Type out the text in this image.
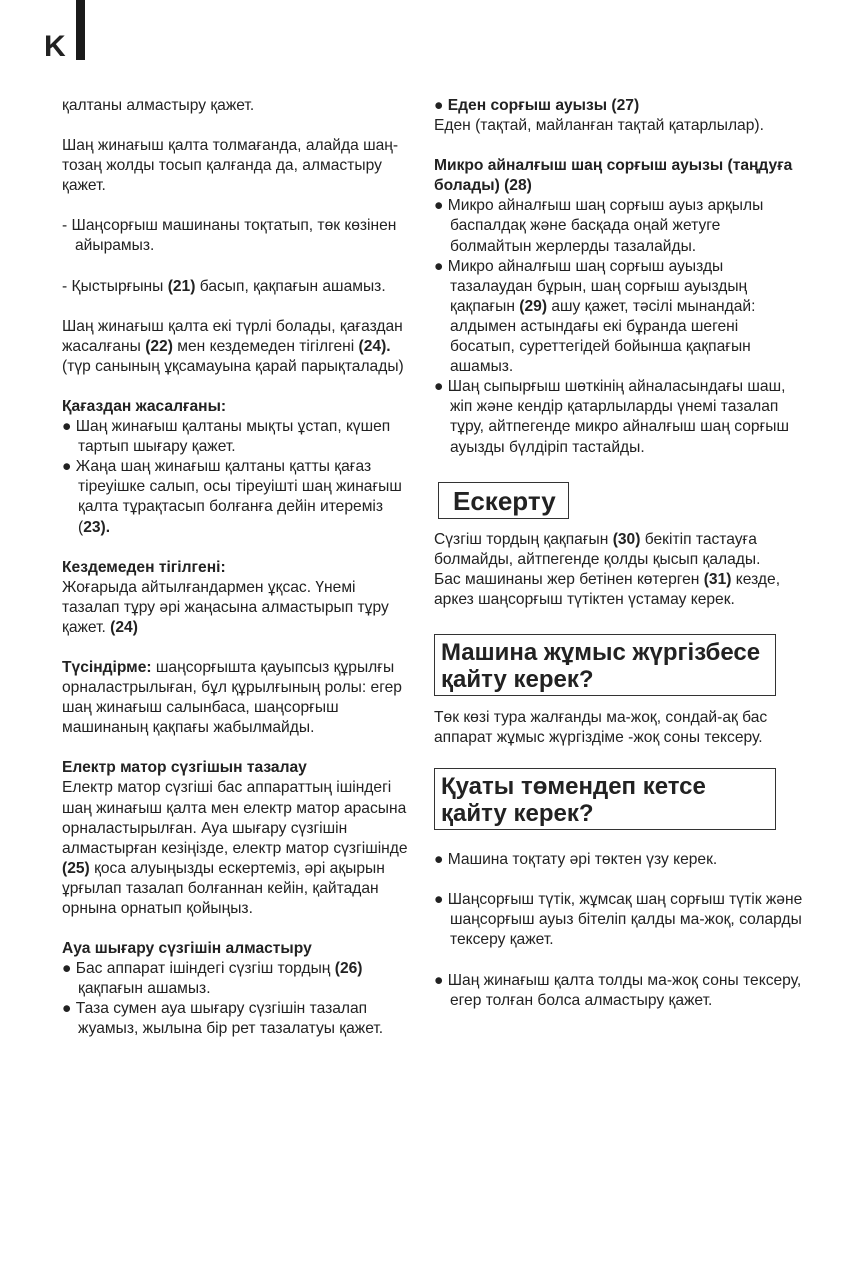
K

қалтаны алмастыру қажет.

Шаң жинағыш қалта толмағанда, алайда шаң-тозаң жолды тосып қалғанда да, алмастыру қажет.

- Шаңсорғыш машинаны тоқтатып, төк көзінен айырамыз.

- Қыстырғыны (21) басып, қақпағын ашамыз.

Шаң жинағыш қалта екі түрлі болады, қағаздан жасалғаны (22) мен кездемеден тігілгені (24). (түр санының ұқсамауына қарай парықталады)

Қағаздан жасалғаны:

● Шаң жинағыш қалтаны мықты ұстап, күшеп тартып шығару қажет.

● Жаңа шаң жинағыш қалтаны қатты қағаз тіреуішке салып, осы тіреуішті шаң жинағыш қалта тұрақтасып болғанға дейін итереміз (23).

Кездемеден тігілгені:

Жоғарыда айтылғандармен ұқсас. Үнемі тазалап тұру әрі жаңасына алмастырып тұру қажет. (24)

Түсіндірме: шаңсорғышта қауыпсыз құрылғы орналастрылыған, бұл құрылғының ролы: егер шаң жинағыш салынбаса, шаңсорғыш машинаның қақпағы жабылмайды.

Електр матор сүзгішын тазалау

Електр матор сүзгіші бас аппараттың ішіндегі шаң жинағыш қалта мен електр матор арасына орналастырылған. Ауа шығару сүзгішін алмастырған кезіңізде, електр матор сүзгішінде (25) қоса алуыңызды ескертеміз, әрі ақырын ұрғылап тазалап болғаннан кейін, қайтадан орнына орнатып қойыңыз.

Ауа шығару сүзгішін алмастыру

● Бас аппарат ішіндегі сүзгіш тордың (26) қақпағын ашамыз.

● Таза сумен ауа шығару сүзгішін тазалап жуамыз, жылына бір рет тазалатуы қажет.

● Еден сорғыш ауызы (27)

Еден (тақтай, майланған тақтай қатарлылар).

Микро айналғыш шаң сорғыш ауызы (таңдуға болады) (28)

● Микро айналғыш шаң сорғыш ауыз арқылы баспалдақ және басқада оңай жетуге болмайтын жерлерды тазалайды.

● Микро айналғыш шаң сорғыш ауызды тазалаудан бұрын, шаң сорғыш ауыздың қақпағын (29) ашу қажет, тәсілі мынандай: алдымен астындағы екі бұранда шегені босатып, суреттегідей бойынша қақпағын ашамыз.

● Шаң сыпырғыш шөткінің айналасындағы шаш, жіп және кендір қатарлыларды үнемі тазалап тұру, айтпегенде микро айналғыш шаң сорғыш ауызды бүлдіріп тастайды.

Ескерту

Сүзгіш тордың қақпағын (30) бекітіп тастауға болмайды, айтпегенде қолды қысып қалады.

Бас машинаны жер бетінен көтерген (31) кезде, аркез шаңсорғыш түтіктен үстамау керек.

Машина жұмыс жүргізбесе қайту керек?

Төк көзі тура жалғанды ма-жоқ, сондай-ақ бас аппарат жұмыс жүргіздіме -жоқ соны тексеру.

Қуаты төмендеп кетсе қайту керек?

● Машина тоқтату әрі төктен үзу керек.

● Шаңсорғыш түтік, жұмсақ шаң сорғыш түтік және шаңсорғыш ауыз бітеліп қалды ма-жоқ, соларды тексеру қажет.

● Шаң жинағыш қалта толды ма-жоқ соны тексеру, егер толған болса алмастыру қажет.
